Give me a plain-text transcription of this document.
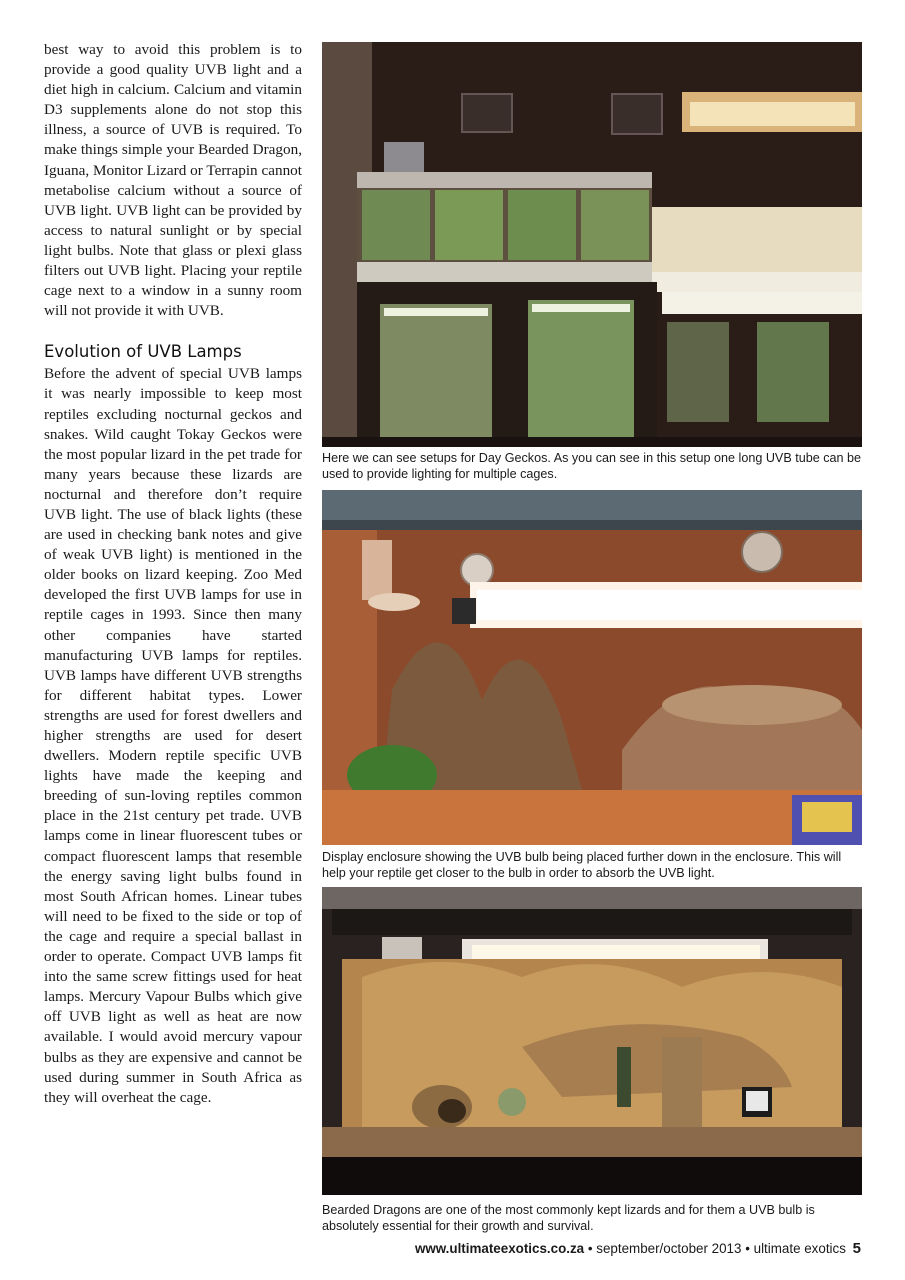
best way to avoid this problem is to provide a good quality UVB light and a diet high in calcium. Calcium and vitamin D3 supplements alone do not stop this illness, a source of UVB is required. To make things simple your Bearded Dragon, Iguana, Monitor Lizard or Terrapin cannot metabolise calcium without a source of UVB light. UVB light can be provided by access to natural sunlight or by special light bulbs. Note that glass or plexi glass filters out UVB light. Placing your reptile cage next to a window in a sunny room will not provide it with UVB.

Evolution of UVB Lamps

Before the advent of special UVB lamps it was nearly impossible to keep most reptiles excluding nocturnal geckos and snakes. Wild caught Tokay Geckos were the most popular lizard in the pet trade for many years because these lizards are nocturnal and therefore don’t require UVB light. The use of black lights (these are used in checking bank notes and give of weak UVB light) is mentioned in the older books on lizard keeping. Zoo Med developed the first UVB lamps for use in reptile cages in 1993. Since then many other companies have started manufacturing UVB lamps for reptiles. UVB lamps have different UVB strengths for different habitat types. Lower strengths are used for forest dwellers and higher strengths are used for desert dwellers. Modern reptile specific UVB lights have made the keeping and breeding of sun-loving reptiles common place in the 21st century pet trade. UVB lamps come in linear fluorescent tubes or compact fluorescent lamps that resemble the energy saving light bulbs found in most South African homes. Linear tubes will need to be fixed to the side or top of the cage and require a special ballast in order to operate. Compact UVB lamps fit into the same screw fittings used for heat lamps. Mercury Vapour Bulbs which give off UVB light as well as heat are now available. I would avoid mercury vapour bulbs as they are expensive and cannot be used during summer in South Africa as they will overheat the cage.

Here we can see setups for Day Geckos. As you can see in this setup one long UVB tube can be used to provide lighting for multiple cages.
Display enclosure showing the UVB bulb being placed further down in the enclosure. This will help your reptile get closer to the bulb in order to absorb the UVB light.
Bearded Dragons are one of the most commonly kept lizards and for them a UVB bulb is absolutely essential for their growth and survival.
www.ultimateexotics.co.za • september/october 2013 • ultimate exotics 5
